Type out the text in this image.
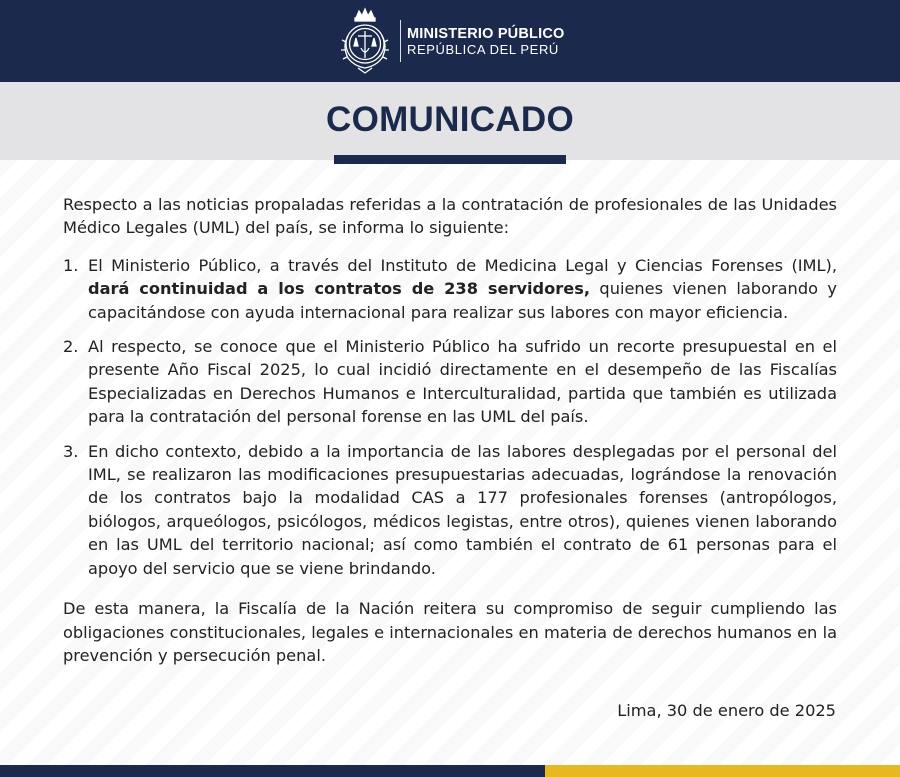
MINISTERIO PÚBLICO
REPÚBLICA DEL PERÚ
COMUNICADO

Respecto a las noticias propaladas referidas a la contratación de profesionales de las Unidades Médico Legales (UML) del país, se informa lo siguiente:

1. El Ministerio Público, a través del Instituto de Medicina Legal y Ciencias Forenses (IML), dará continuidad a los contratos de 238 servidores, quienes vienen laborando y capacitándose con ayuda internacional para realizar sus labores con mayor eficiencia.
2. Al respecto, se conoce que el Ministerio Público ha sufrido un recorte presupuestal en el presente Año Fiscal 2025, lo cual incidió directamente en el desempeño de las Fiscalías Especializadas en Derechos Humanos e Interculturalidad, partida que también es utilizada para la contratación del personal forense en las UML del país.
3. En dicho contexto, debido a la importancia de las labores desplegadas por el personal del IML, se realizaron las modificaciones presupuestarias adecuadas, lográndose la renovación de los contratos bajo la modalidad CAS a 177 profesionales forenses (antropólogos, biólogos, arqueólogos, psicólogos, médicos legistas, entre otros), quienes vienen laborando en las UML del territorio nacional; así como también el contrato de 61 personas para el apoyo del servicio que se viene brindando.

De esta manera, la Fiscalía de la Nación reitera su compromiso de seguir cumpliendo las obligaciones constitucionales, legales e internacionales en materia de derechos humanos en la prevención y persecución penal.

Lima, 30 de enero de 2025
